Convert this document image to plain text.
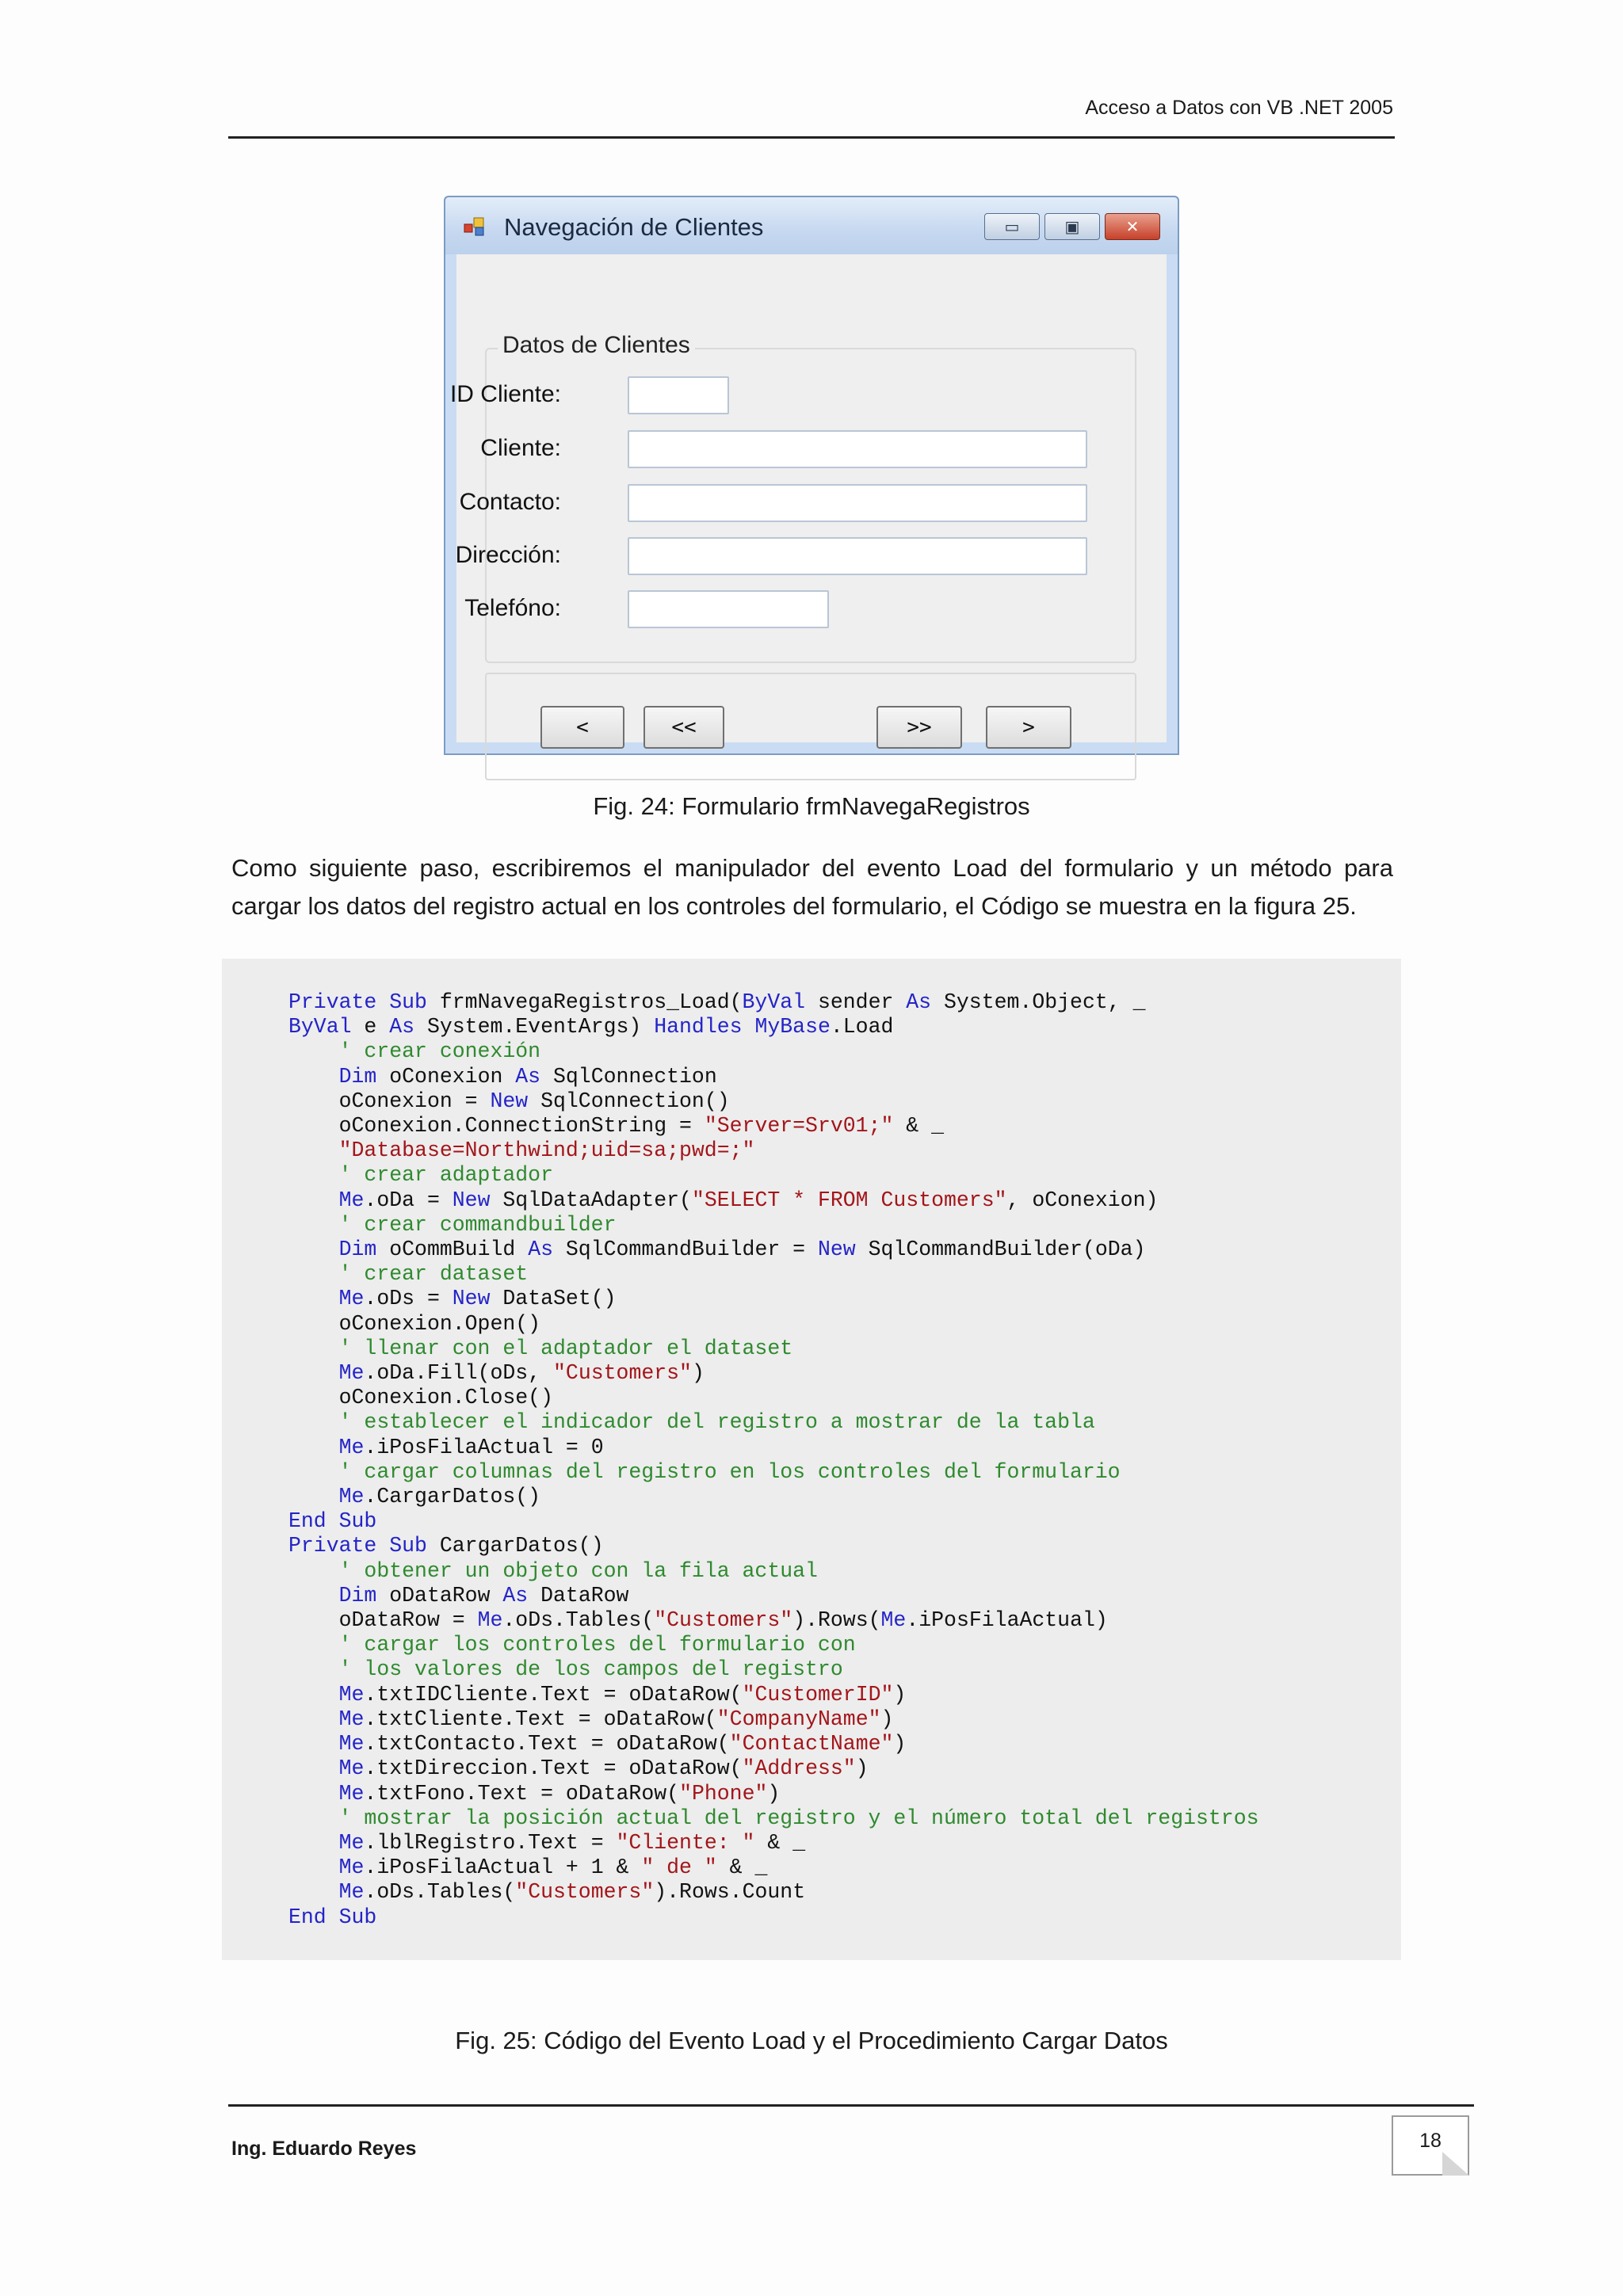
Acceso a Datos con VB .NET 2005
Navegación de Clientes	▭	▣	✕
Datos de Clientes
ID Cliente:
Cliente:
Contacto:
Dirección:
Telefóno:
<	<<	>>	>
Fig. 24: Formulario frmNavegaRegistros
Como siguiente paso, escribiremos el manipulador del evento Load del formulario y un método para cargar los datos del registro actual en los controles del formulario, el Código se muestra en la figura 25.
Private Sub frmNavegaRegistros_Load(ByVal sender As System.Object, _
ByVal e As System.EventArgs) Handles MyBase.Load
' crear conexión
Dim oConexion As SqlConnection
oConexion = New SqlConnection()
oConexion.ConnectionString = "Server=Srv01;" & _
"Database=Northwind;uid=sa;pwd=;"
' crear adaptador
Me.oDa = New SqlDataAdapter("SELECT * FROM Customers", oConexion)
' crear commandbuilder
Dim oCommBuild As SqlCommandBuilder = New SqlCommandBuilder(oDa)
' crear dataset
Me.oDs = New DataSet()
oConexion.Open()
' llenar con el adaptador el dataset
Me.oDa.Fill(oDs, "Customers")
oConexion.Close()
' establecer el indicador del registro a mostrar de la tabla
Me.iPosFilaActual = 0
' cargar columnas del registro en los controles del formulario
Me.CargarDatos()
End Sub
Private Sub CargarDatos()
' obtener un objeto con la fila actual
Dim oDataRow As DataRow
oDataRow = Me.oDs.Tables("Customers").Rows(Me.iPosFilaActual)
' cargar los controles del formulario con
' los valores de los campos del registro
Me.txtIDCliente.Text = oDataRow("CustomerID")
Me.txtCliente.Text = oDataRow("CompanyName")
Me.txtContacto.Text = oDataRow("ContactName")
Me.txtDireccion.Text = oDataRow("Address")
Me.txtFono.Text = oDataRow("Phone")
' mostrar la posición actual del registro y el número total del registros
Me.lblRegistro.Text = "Cliente: " & _
Me.iPosFilaActual + 1 & " de " & _
Me.oDs.Tables("Customers").Rows.Count
End Sub

Fig. 25: Código del Evento Load y el Procedimiento Cargar Datos
Ing. Eduardo Reyes	18
